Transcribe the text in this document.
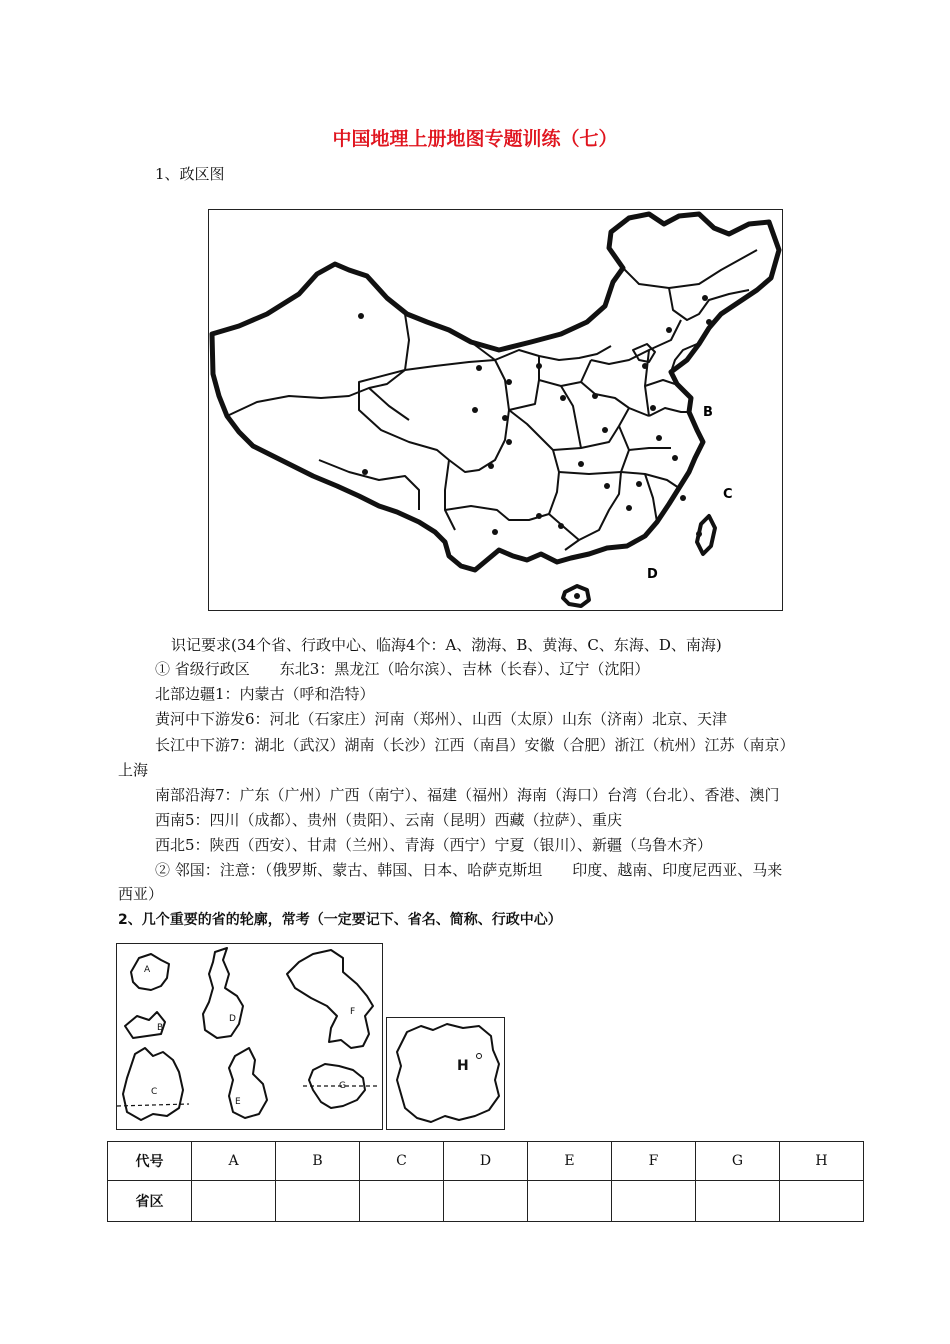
中国地理上册地图专题训练（七）
1、政区图
B
C
D
识记要求(34个省、行政中心、临海4个：A、渤海、B、黄海、C、东海、D、南海)
① 省级行政区　　东北3：黑龙江（哈尔滨）、吉林（长春）、辽宁（沈阳）
北部边疆1：内蒙古（呼和浩特）
黄河中下游发6：河北（石家庄）河南（郑州）、山西（太原）山东（济南）北京、天津
长江中下游7：湖北（武汉）湖南（长沙）江西（南昌）安徽（合肥）浙江（杭州）江苏（南京）
上海
南部沿海7：广东（广州）广西（南宁）、福建（福州）海南（海口）台湾（台北）、香港、澳门
西南5：四川（成都）、贵州（贵阳）、云南（昆明）西藏（拉萨）、重庆
西北5：陕西（西安）、甘肃（兰州）、青海（西宁）宁夏（银川）、新疆（乌鲁木齐）
② 邻国：注意：（俄罗斯、蒙古、韩国、日本、哈萨克斯坦　　印度、越南、印度尼西亚、马来
西亚）
2、几个重要的省的轮廓，常考（一定要记下、省名、简称、行政中心）
A
B
D
F
C
E
G
H
代号	A	B	C	D	E	F	G	H
省区								
